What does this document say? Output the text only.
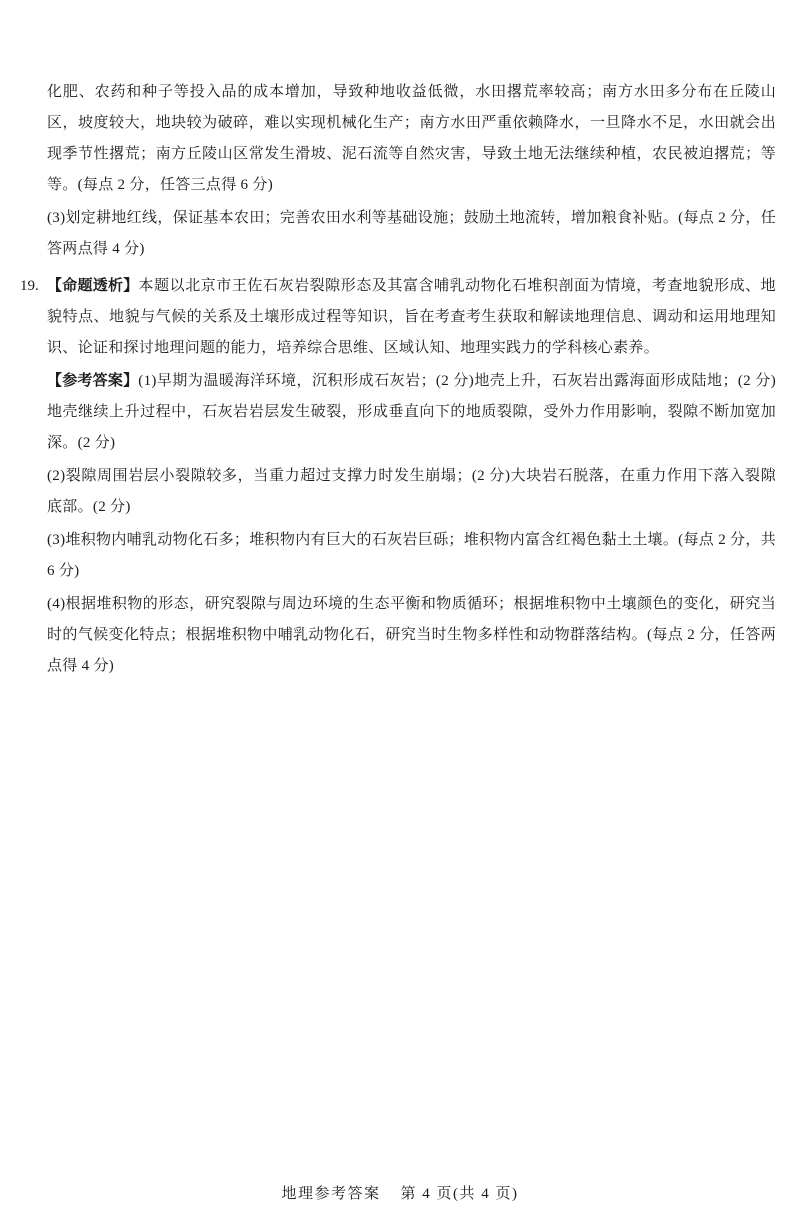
化肥、农药和种子等投入品的成本增加，导致种地收益低微，水田撂荒率较高；南方水田多分布在丘陵山区，坡度较大，地块较为破碎，难以实现机械化生产；南方水田严重依赖降水，一旦降水不足，水田就会出现季节性撂荒；南方丘陵山区常发生滑坡、泥石流等自然灾害，导致土地无法继续种植，农民被迫撂荒；等等。(每点 2 分，任答三点得 6 分)

(3)划定耕地红线，保证基本农田；完善农田水利等基础设施；鼓励土地流转，增加粮食补贴。(每点 2 分，任答两点得 4 分)

19. 【命题透析】本题以北京市王佐石灰岩裂隙形态及其富含哺乳动物化石堆积剖面为情境，考查地貌形成、地貌特点、地貌与气候的关系及土壤形成过程等知识，旨在考查考生获取和解读地理信息、调动和运用地理知识、论证和探讨地理问题的能力，培养综合思维、区域认知、地理实践力的学科核心素养。

【参考答案】(1)早期为温暖海洋环境，沉积形成石灰岩；(2 分)地壳上升，石灰岩出露海面形成陆地；(2 分)地壳继续上升过程中，石灰岩岩层发生破裂，形成垂直向下的地质裂隙，受外力作用影响，裂隙不断加宽加深。(2 分)

(2)裂隙周围岩层小裂隙较多，当重力超过支撑力时发生崩塌；(2 分)大块岩石脱落，在重力作用下落入裂隙底部。(2 分)

(3)堆积物内哺乳动物化石多；堆积物内有巨大的石灰岩巨砾；堆积物内富含红褐色黏土土壤。(每点 2 分，共 6 分)

(4)根据堆积物的形态，研究裂隙与周边环境的生态平衡和物质循环；根据堆积物中土壤颜色的变化，研究当时的气候变化特点；根据堆积物中哺乳动物化石，研究当时生物多样性和动物群落结构。(每点 2 分，任答两点得 4 分)

地理参考答案 第 4 页(共 4 页)
